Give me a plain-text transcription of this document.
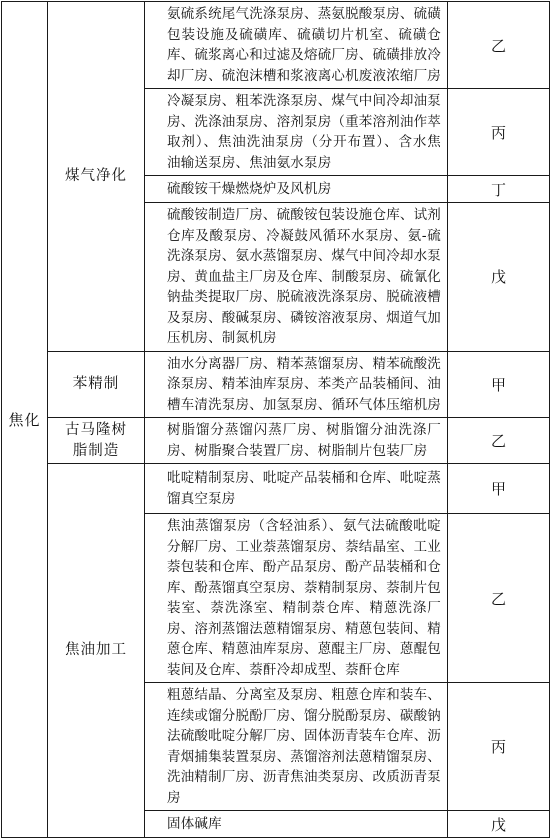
焦化	煤气净化	氨硫系统尾气洗涤泵房、蒸氨脱酸泵房、硫磺包装设施及硫磺库、硫磺切片机室、硫磺仓库、硫浆离心和过滤及熔硫厂房、硫磺排放冷却厂房、硫泡沫槽和浆液离心机废液浓缩厂房	乙
		冷凝泵房、粗苯洗涤泵房、煤气中间冷却油泵房、洗涤油泵房、溶剂泵房（重苯溶剂油作萃取剂）、焦油洗油泵房（分开布置）、含水焦油输送泵房、焦油氨水泵房	丙
		硫酸铵干燥燃烧炉及风机房	丁
		硫酸铵制造厂房、硫酸铵包装设施仓库、试剂仓库及酸泵房、冷凝鼓风循环水泵房、氨-硫洗涤泵房、氨水蒸馏泵房、煤气中间冷却水泵房、黄血盐主厂房及仓库、制酸泵房、硫氰化钠盐类提取厂房、脱硫液洗涤泵房、脱硫液槽及泵房、酸碱泵房、磷铵溶液泵房、烟道气加压机房、制氮机房	戊
	苯精制	油水分离器厂房、精苯蒸馏泵房、精苯硫酸洗涤泵房、精苯油库泵房、苯类产品装桶间、油槽车清洗泵房、加氢泵房、循环气体压缩机房	甲
	古马隆树脂制造	树脂馏分蒸馏闪蒸厂房、树脂馏分油洗涤厂房、树脂聚合装置厂房、树脂制片包装厂房	乙
	焦油加工	吡啶精制泵房、吡啶产品装桶和仓库、吡啶蒸馏真空泵房	甲
		焦油蒸馏泵房（含轻油系）、氨气法硫酸吡啶分解厂房、工业萘蒸馏泵房、萘结晶室、工业萘包装和仓库、酚产品泵房、酚产品装桶和仓库、酚蒸馏真空泵房、萘精制泵房、萘制片包装室、萘洗涤室、精制萘仓库、精蒽洗涤厂房、溶剂蒸馏法蒽精馏泵房、精蒽包装间、精蒽仓库、精蒽油库泵房、蒽醌主厂房、蒽醌包装间及仓库、萘酐冷却成型、萘酐仓库	乙
		粗蒽结晶、分离室及泵房、粗蒽仓库和装车、连续或馏分脱酚厂房、馏分脱酚泵房、碳酸钠法硫酸吡啶分解厂房、固体沥青装车仓库、沥青烟捕集装置泵房、蒸馏溶剂法蒽精馏泵房、洗油精制厂房、沥青焦油类泵房、改质沥青泵房	丙
		固体碱库	戊
